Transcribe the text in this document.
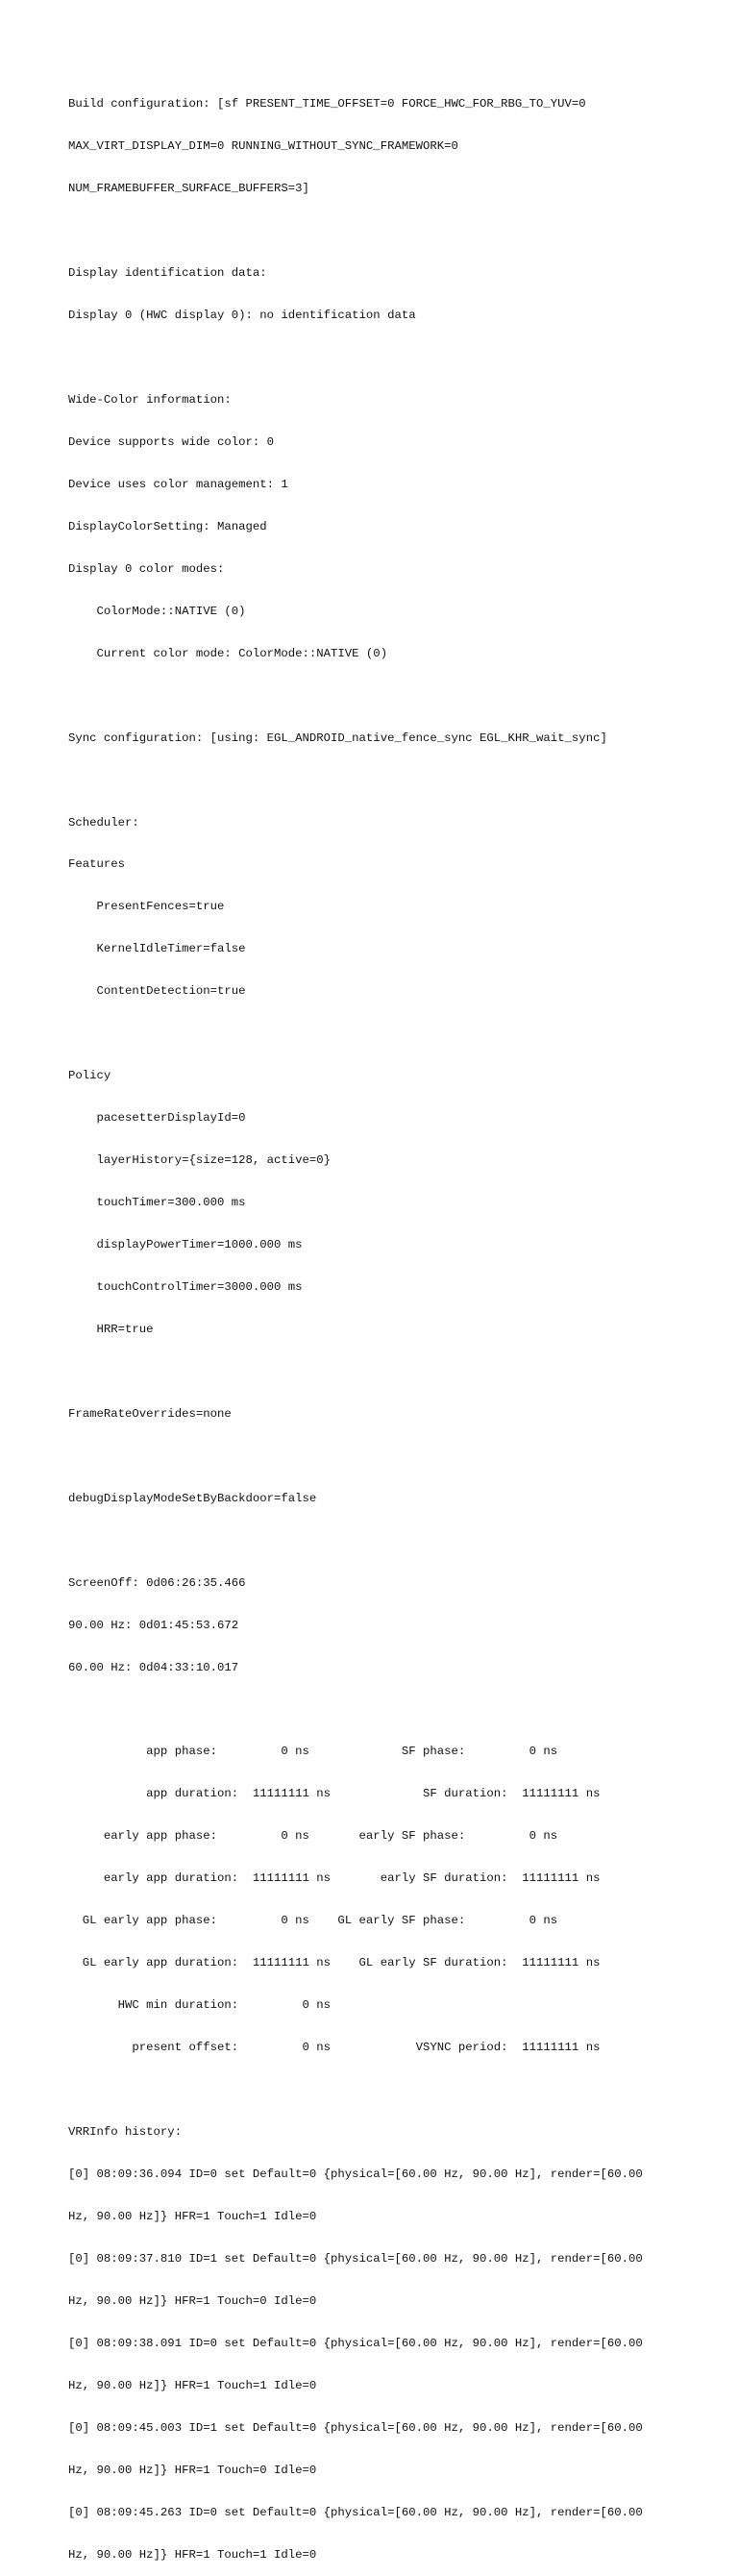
Build configuration: [sf PRESENT_TIME_OFFSET=0 FORCE_HWC_FOR_RBG_TO_YUV=0

MAX_VIRT_DISPLAY_DIM=0 RUNNING_WITHOUT_SYNC_FRAMEWORK=0

NUM_FRAMEBUFFER_SURFACE_BUFFERS=3]

Display identification data:

Display 0 (HWC display 0): no identification data

Wide-Color information:

Device supports wide color: 0

Device uses color management: 1

DisplayColorSetting: Managed

Display 0 color modes:

ColorMode::NATIVE (0)

Current color mode: ColorMode::NATIVE (0)

Sync configuration: [using: EGL_ANDROID_native_fence_sync EGL_KHR_wait_sync]

Scheduler:

Features

PresentFences=true

KernelIdleTimer=false

ContentDetection=true

Policy

pacesetterDisplayId=0

layerHistory={size=128, active=0}

touchTimer=300.000 ms

displayPowerTimer=1000.000 ms

touchControlTimer=3000.000 ms

HRR=true

FrameRateOverrides=none

debugDisplayModeSetByBackdoor=false

ScreenOff: 0d06:26:35.466

90.00 Hz: 0d01:45:53.672

60.00 Hz: 0d04:33:10.017

app phase:         0 ns             SF phase:         0 ns

app duration:  11111111 ns             SF duration:  11111111 ns

early app phase:         0 ns       early SF phase:         0 ns

early app duration:  11111111 ns       early SF duration:  11111111 ns

GL early app phase:         0 ns    GL early SF phase:         0 ns

GL early app duration:  11111111 ns    GL early SF duration:  11111111 ns

HWC min duration:         0 ns

present offset:         0 ns            VSYNC period:  11111111 ns

VRRInfo history:

[0] 08:09:36.094 ID=0 set Default=0 {physical=[60.00 Hz, 90.00 Hz], render=[60.00

Hz, 90.00 Hz]} HFR=1 Touch=1 Idle=0

[0] 08:09:37.810 ID=1 set Default=0 {physical=[60.00 Hz, 90.00 Hz], render=[60.00

Hz, 90.00 Hz]} HFR=1 Touch=0 Idle=0

[0] 08:09:38.091 ID=0 set Default=0 {physical=[60.00 Hz, 90.00 Hz], render=[60.00

Hz, 90.00 Hz]} HFR=1 Touch=1 Idle=0

[0] 08:09:45.003 ID=1 set Default=0 {physical=[60.00 Hz, 90.00 Hz], render=[60.00

Hz, 90.00 Hz]} HFR=1 Touch=0 Idle=0

[0] 08:09:45.263 ID=0 set Default=0 {physical=[60.00 Hz, 90.00 Hz], render=[60.00

Hz, 90.00 Hz]} HFR=1 Touch=1 Idle=0
